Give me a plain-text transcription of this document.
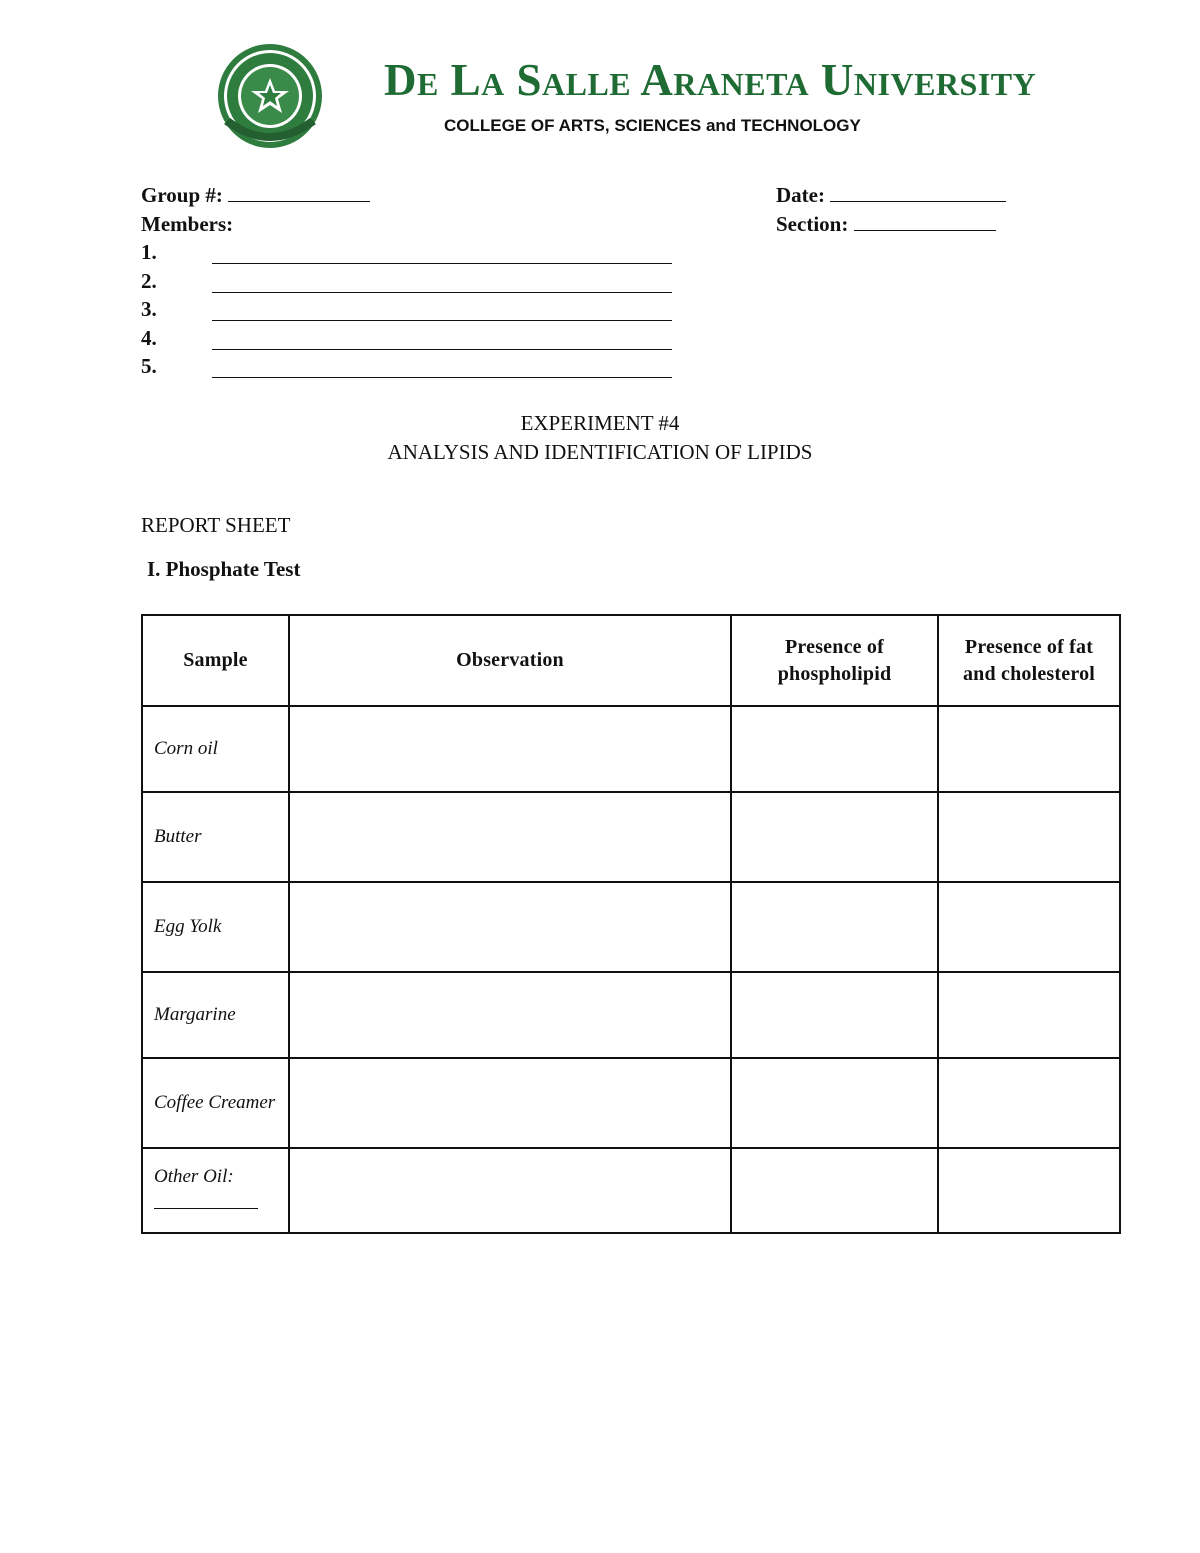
De La Salle Araneta University
COLLEGE OF ARTS, SCIENCES and TECHNOLOGY
Group #:
Members:
Date:
Section:
1.
2.
3.
4.
5.
EXPERIMENT #4
ANALYSIS AND IDENTIFICATION OF LIPIDS
REPORT SHEET
I. Phosphate Test
Sample	Observation	Presence of phospholipid	Presence of fat and cholesterol

Corn oil			
Butter			
Egg Yolk			
Margarine			
Coffee Creamer			

Other Oil:			
